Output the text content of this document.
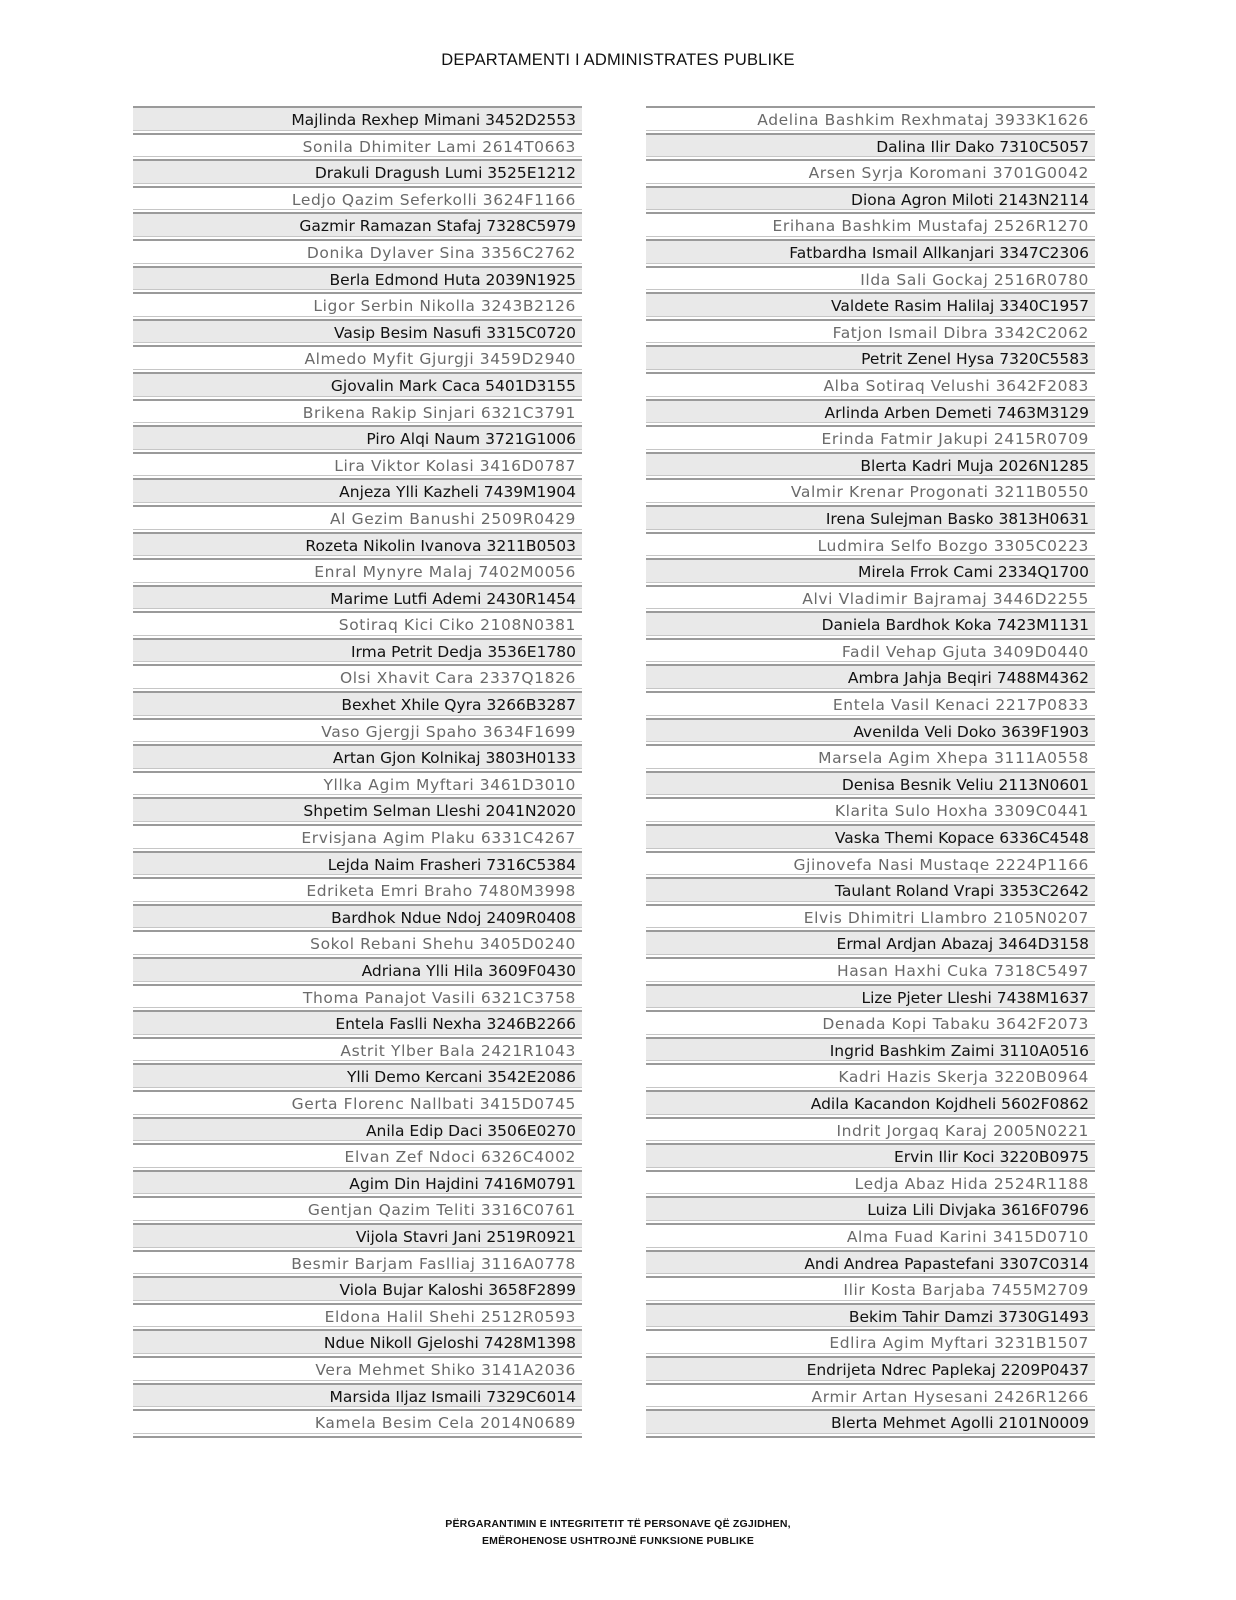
DEPARTAMENTI I ADMINISTRATES PUBLIKE
Majlinda Rexhep Mimani 3452D2553
Sonila Dhimiter Lami 2614T0663
Drakuli Dragush Lumi 3525E1212
Ledjo Qazim Seferkolli 3624F1166
Gazmir Ramazan Stafaj 7328C5979
Donika Dylaver Sina 3356C2762
Berla Edmond Huta 2039N1925
Ligor Serbin Nikolla 3243B2126
Vasip Besim Nasufi 3315C0720
Almedo Myfit Gjurgji 3459D2940
Gjovalin Mark Caca 5401D3155
Brikena Rakip Sinjari 6321C3791
Piro Alqi Naum 3721G1006
Lira Viktor Kolasi 3416D0787
Anjeza Ylli Kazheli 7439M1904
Al Gezim Banushi 2509R0429
Rozeta Nikolin Ivanova 3211B0503
Enral Mynyre Malaj 7402M0056
Marime Lutfi Ademi 2430R1454
Sotiraq Kici Ciko 2108N0381
Irma Petrit Dedja 3536E1780
Olsi Xhavit Cara 2337Q1826
Bexhet Xhile Qyra 3266B3287
Vaso Gjergji Spaho 3634F1699
Artan Gjon Kolnikaj 3803H0133
Yllka Agim Myftari 3461D3010
Shpetim Selman Lleshi 2041N2020
Ervisjana Agim Plaku 6331C4267
Lejda Naim Frasheri 7316C5384
Edriketa Emri Braho 7480M3998
Bardhok Ndue Ndoj 2409R0408
Sokol Rebani Shehu 3405D0240
Adriana Ylli Hila 3609F0430
Thoma Panajot Vasili 6321C3758
Entela Faslli Nexha 3246B2266
Astrit Ylber Bala 2421R1043
Ylli Demo Kercani 3542E2086
Gerta Florenc Nallbati 3415D0745
Anila Edip Daci 3506E0270
Elvan Zef Ndoci 6326C4002
Agim Din Hajdini 7416M0791
Gentjan Qazim Teliti 3316C0761
Vijola Stavri Jani 2519R0921
Besmir Barjam Faslliaj 3116A0778
Viola Bujar Kaloshi 3658F2899
Eldona Halil Shehi 2512R0593
Ndue Nikoll Gjeloshi 7428M1398
Vera Mehmet Shiko 3141A2036
Marsida Iljaz Ismaili 7329C6014
Kamela Besim Cela 2014N0689
Adelina Bashkim Rexhmataj 3933K1626
Dalina Ilir Dako 7310C5057
Arsen Syrja Koromani 3701G0042
Diona Agron Miloti 2143N2114
Erihana Bashkim Mustafaj 2526R1270
Fatbardha Ismail Allkanjari 3347C2306
Ilda Sali Gockaj 2516R0780
Valdete Rasim Halilaj 3340C1957
Fatjon Ismail Dibra 3342C2062
Petrit Zenel Hysa 7320C5583
Alba Sotiraq Velushi 3642F2083
Arlinda Arben Demeti 7463M3129
Erinda Fatmir Jakupi 2415R0709
Blerta Kadri Muja 2026N1285
Valmir Krenar Progonati 3211B0550
Irena Sulejman Basko 3813H0631
Ludmira Selfo Bozgo 3305C0223
Mirela Frrok Cami 2334Q1700
Alvi Vladimir Bajramaj 3446D2255
Daniela Bardhok Koka 7423M1131
Fadil Vehap Gjuta 3409D0440
Ambra Jahja Beqiri 7488M4362
Entela Vasil Kenaci 2217P0833
Avenilda Veli Doko 3639F1903
Marsela Agim Xhepa 3111A0558
Denisa Besnik Veliu 2113N0601
Klarita Sulo Hoxha 3309C0441
Vaska Themi Kopace 6336C4548
Gjinovefa Nasi Mustaqe 2224P1166
Taulant Roland Vrapi 3353C2642
Elvis Dhimitri Llambro 2105N0207
Ermal Ardjan Abazaj 3464D3158
Hasan Haxhi Cuka 7318C5497
Lize Pjeter Lleshi 7438M1637
Denada Kopi Tabaku 3642F2073
Ingrid Bashkim Zaimi 3110A0516
Kadri Hazis Skerja 3220B0964
Adila Kacandon Kojdheli 5602F0862
Indrit Jorgaq Karaj 2005N0221
Ervin Ilir Koci 3220B0975
Ledja Abaz Hida 2524R1188
Luiza Lili Divjaka 3616F0796
Alma Fuad Karini 3415D0710
Andi Andrea Papastefani 3307C0314
Ilir Kosta Barjaba 7455M2709
Bekim Tahir Damzi 3730G1493
Edlira Agim Myftari 3231B1507
Endrijeta Ndrec Paplekaj 2209P0437
Armir Artan Hysesani 2426R1266
Blerta Mehmet Agolli 2101N0009
PËRGARANTIMIN E INTEGRITETIT TË PERSONAVE QË ZGJIDHEN,
EMËROHENOSE USHTROJNË FUNKSIONE PUBLIKE
